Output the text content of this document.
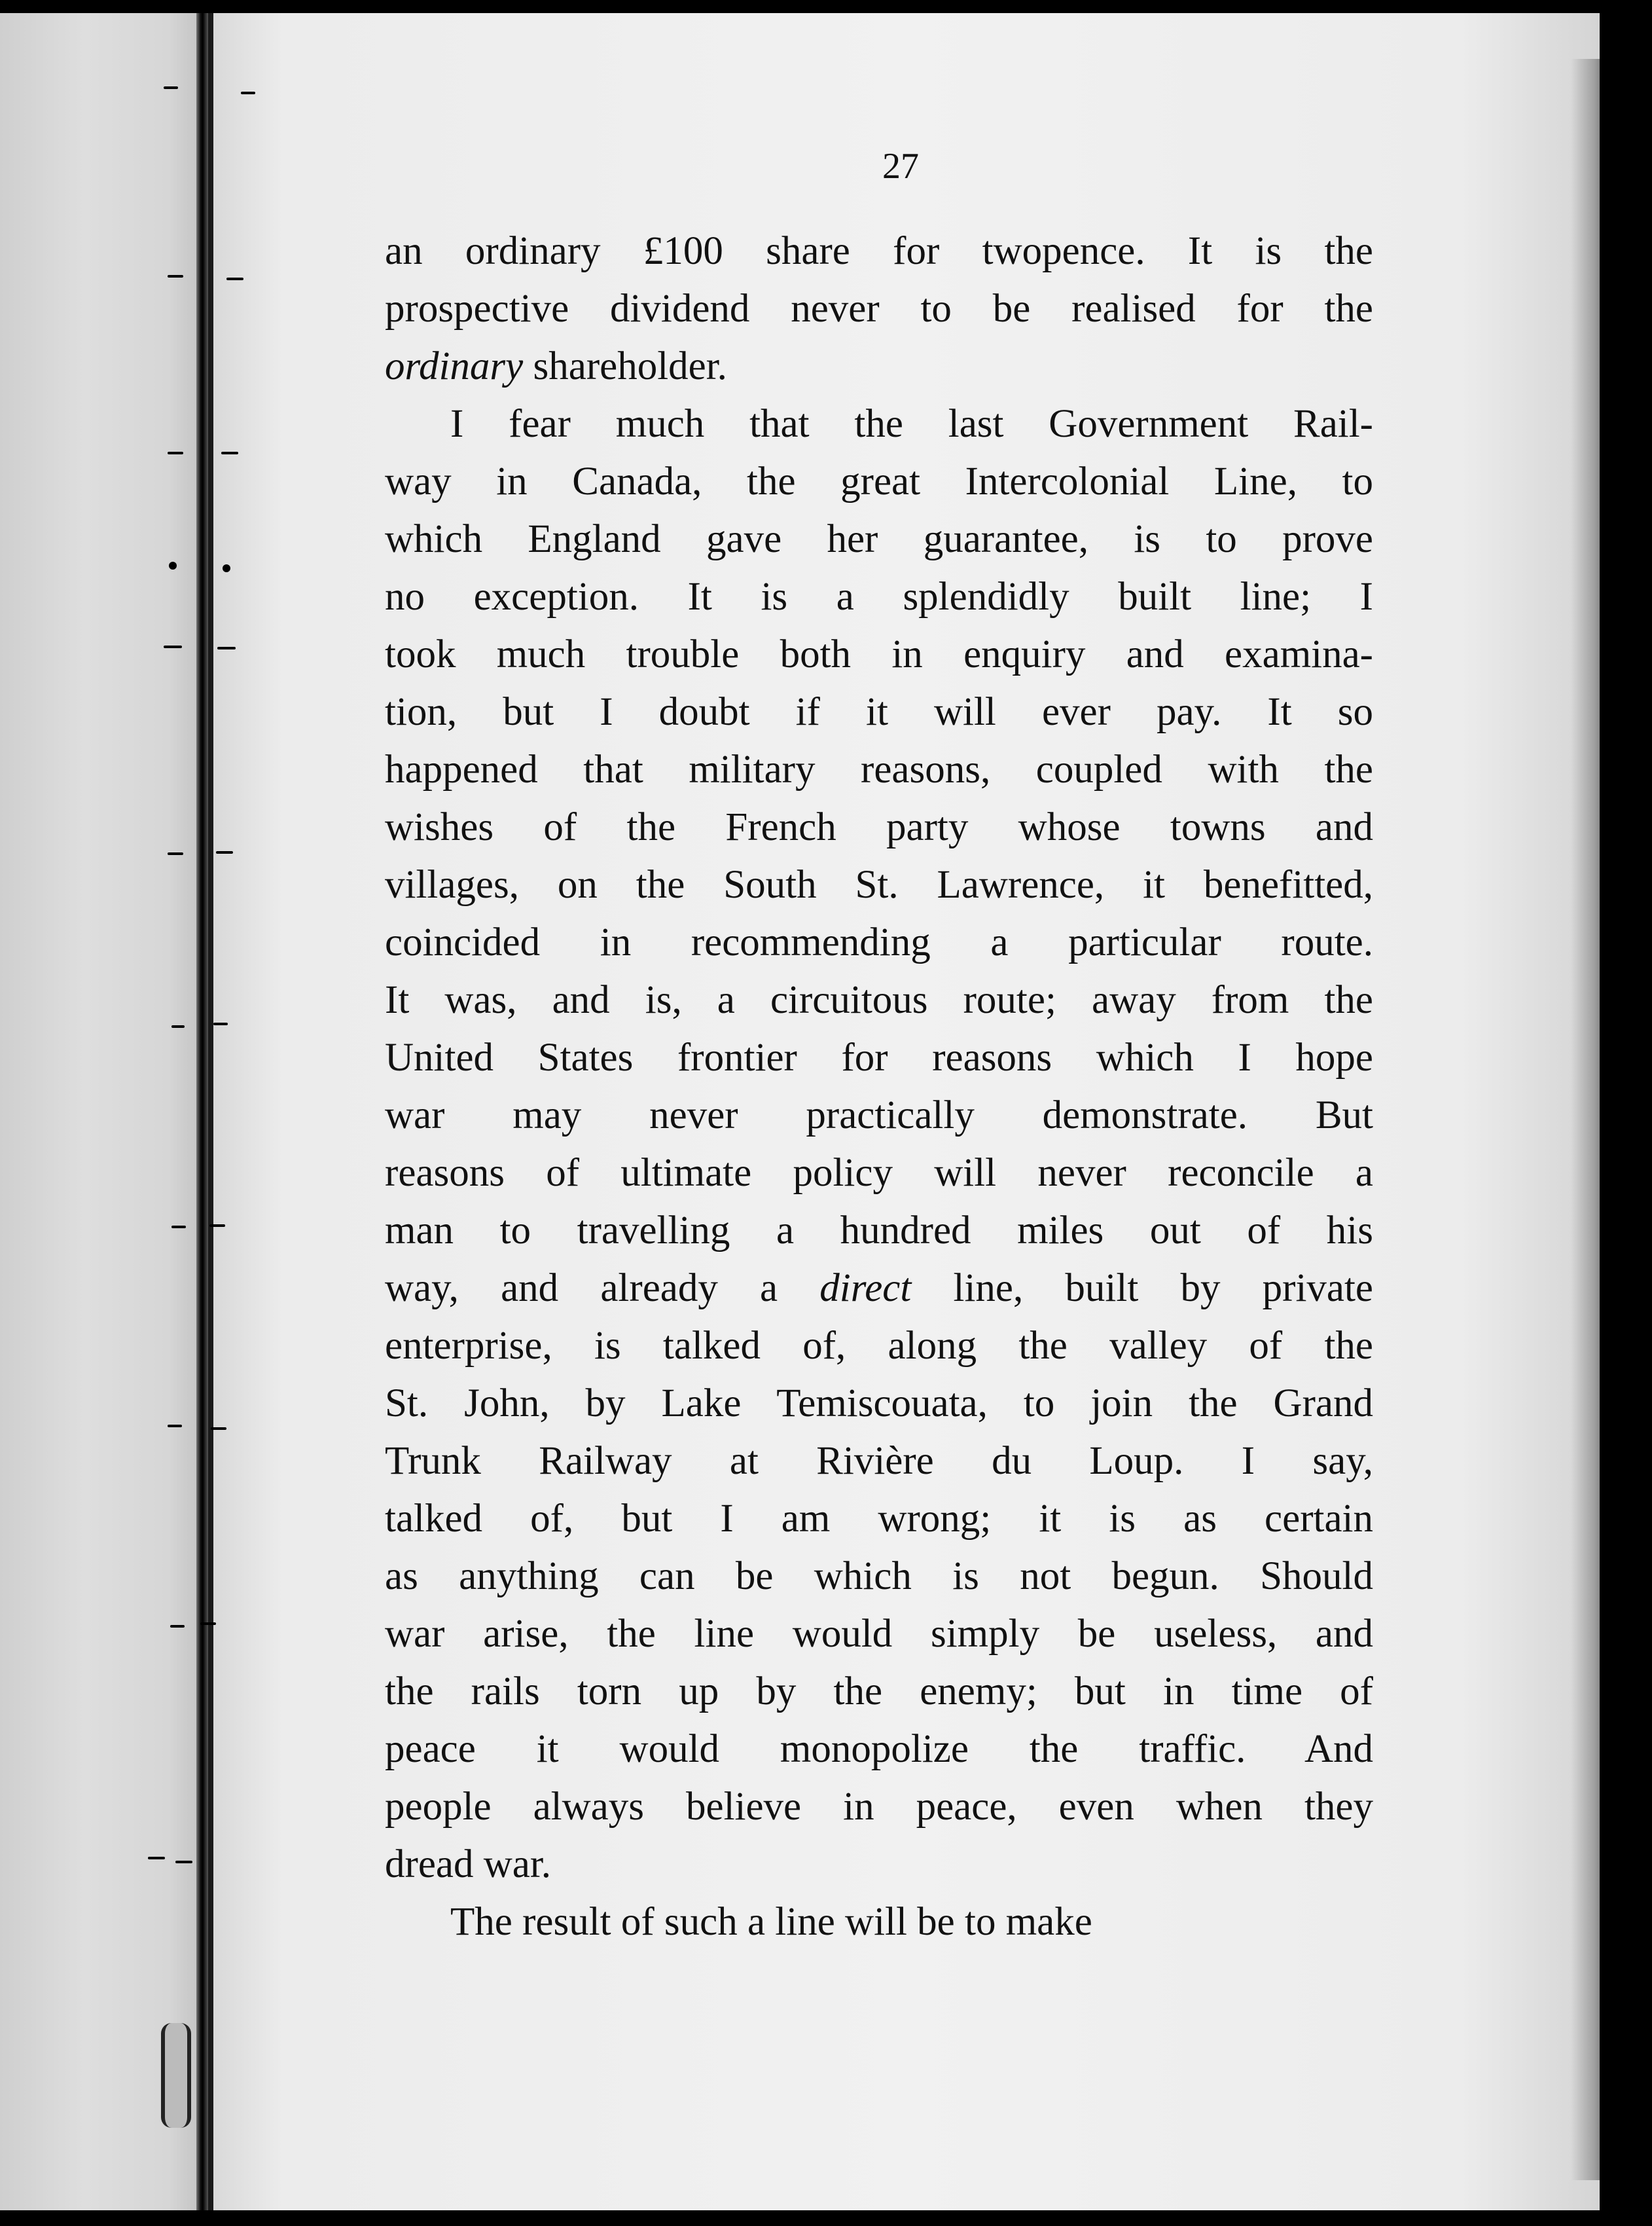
27
an ordinary £100 share for twopence. It is the
prospective dividend never to be realised for the
ordinary shareholder.
I fear much that the last Government Rail-
way in Canada, the great Intercolonial Line, to
which England gave her guarantee, is to prove
no exception. It is a splendidly built line; I
took much trouble both in enquiry and examina-
tion, but I doubt if it will ever pay. It so
happened that military reasons, coupled with the
wishes of the French party whose towns and
villages, on the South St. Lawrence, it benefitted,
coincided in recommending a particular route.
It was, and is, a circuitous route; away from the
United States frontier for reasons which I hope
war may never practically demonstrate. But
reasons of ultimate policy will never reconcile a
man to travelling a hundred miles out of his
way, and already a direct line, built by private
enterprise, is talked of, along the valley of the
St. John, by Lake Temiscouata, to join the Grand
Trunk Railway at Rivière du Loup. I say,
talked of, but I am wrong; it is as certain
as anything can be which is not begun. Should
war arise, the line would simply be useless, and
the rails torn up by the enemy; but in time of
peace it would monopolize the traffic. And
people always believe in peace, even when they
dread war.
The result of such a line will be to make
